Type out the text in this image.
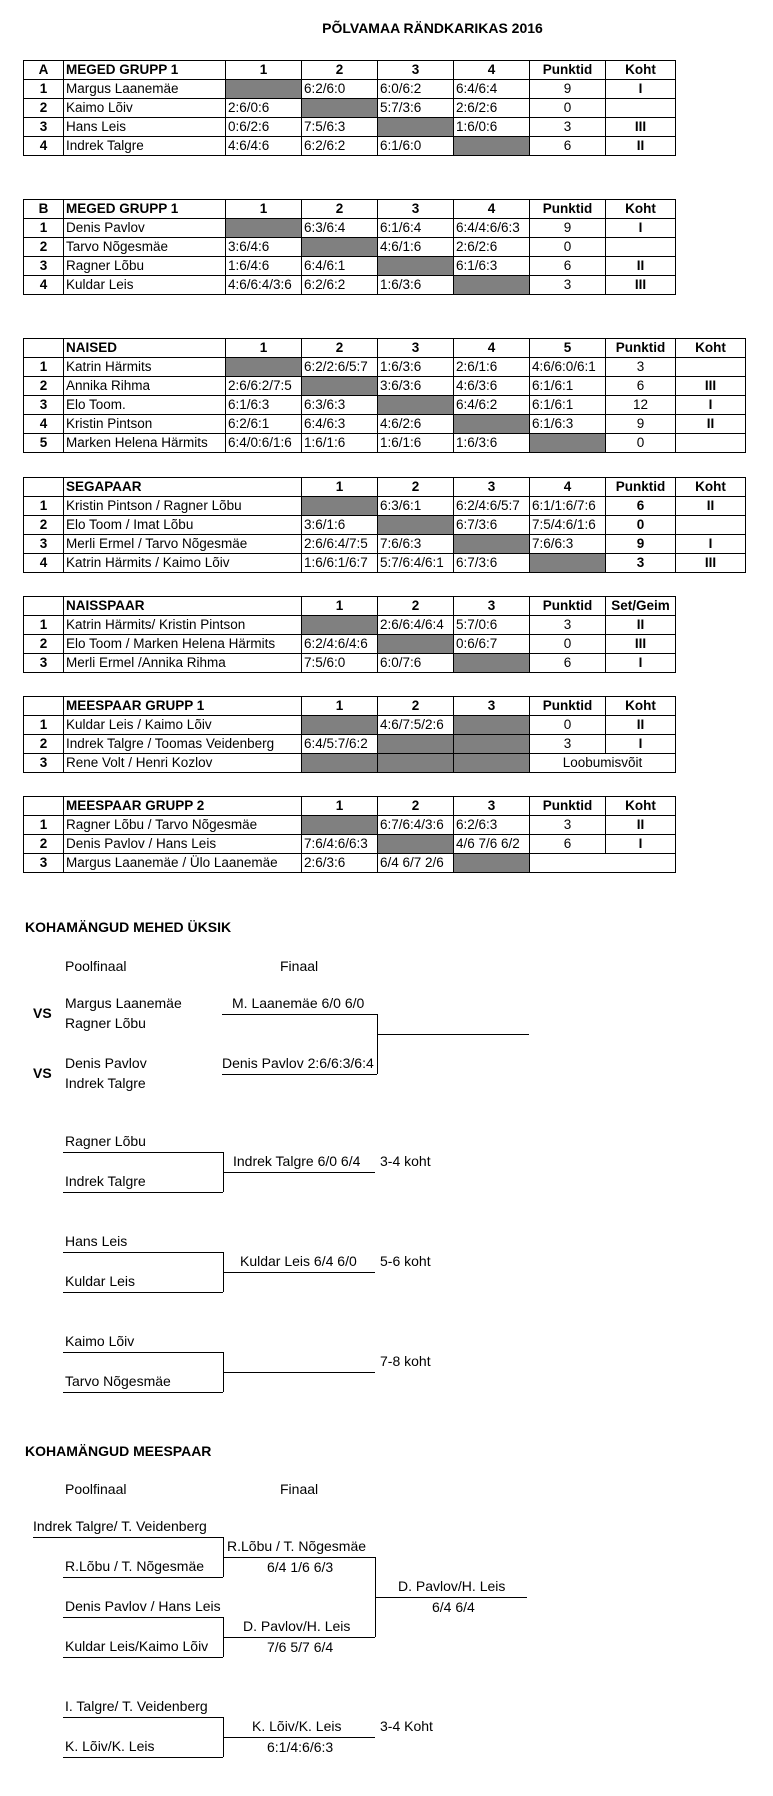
PÕLVAMAA RÄNDKARIKAS 2016
A	MEGED GRUPP 1	1	2	3	4	Punktid	Koht
1	Margus Laanemäe		6:2/6:0	6:0/6:2	6:4/6:4	9	I
2	Kaimo Lõiv	2:6/0:6		5:7/3:6	2:6/2:6	0	
3	Hans Leis	0:6/2:6	7:5/6:3		1:6/0:6	3	III
4	Indrek Talgre	4:6/4:6	6:2/6:2	6:1/6:0		6	II
B	MEGED GRUPP 1	1	2	3	4	Punktid	Koht
1	Denis Pavlov		6:3/6:4	6:1/6:4	6:4/4:6/6:3	9	I
2	Tarvo Nõgesmäe	3:6/4:6		4:6/1:6	2:6/2:6	0	
3	Ragner Lõbu	1:6/4:6	6:4/6:1		6:1/6:3	6	II
4	Kuldar Leis	4:6/6:4/3:6	6:2/6:2	1:6/3:6		3	III
	NAISED	1	2	3	4	5	Punktid	Koht
1	Katrin Härmits		6:2/2:6/5:7	1:6/3:6	2:6/1:6	4:6/6:0/6:1	3	
2	Annika Rihma	2:6/6:2/7:5		3:6/3:6	4:6/3:6	6:1/6:1	6	III
3	Elo Toom.	6:1/6:3	6:3/6:3		6:4/6:2	6:1/6:1	12	I
4	Kristin Pintson	6:2/6:1	6:4/6:3	4:6/2:6		6:1/6:3	9	II
5	Marken Helena Härmits	6:4/0:6/1:6	1:6/1:6	1:6/1:6	1:6/3:6		0	
	SEGAPAAR	1	2	3	4	Punktid	Koht
1	Kristin Pintson / Ragner Lõbu		6:3/6:1	6:2/4:6/5:7	6:1/1:6/7:6	6	II
2	Elo Toom / Imat Lõbu	3:6/1:6		6:7/3:6	7:5/4:6/1:6	0	
3	Merli Ermel / Tarvo Nõgesmäe	2:6/6:4/7:5	7:6/6:3		7:6/6:3	9	I
4	Katrin Härmits / Kaimo Lõiv	1:6/6:1/6:7	5:7/6:4/6:1	6:7/3:6		3	III
	NAISSPAAR	1	2	3	Punktid	Set/Geim
1	Katrin Härmits/ Kristin Pintson		2:6/6:4/6:4	5:7/0:6	3	II
2	Elo Toom / Marken Helena Härmits	6:2/4:6/4:6		0:6/6:7	0	III
3	Merli Ermel /Annika Rihma	7:5/6:0	6:0/7:6		6	I
	MEESPAAR GRUPP 1	1	2	3	Punktid	Koht
1	Kuldar Leis / Kaimo Lõiv		4:6/7:5/2:6		0	II
2	Indrek Talgre / Toomas Veidenberg	6:4/5:7/6:2			3	I
3	Rene Volt / Henri Kozlov				Loobumisvõit	
	MEESPAAR GRUPP 2	1	2	3	Punktid	Koht
1	Ragner Lõbu / Tarvo Nõgesmäe		6:7/6:4/3:6	6:2/6:3	3	II
2	Denis Pavlov / Hans Leis	7:6/4:6/6:3		4/6 7/6 6/2	6	I
3	Margus Laanemäe / Ülo Laanemäe	2:6/3:6	6/4 6/7 2/6			
KOHAMÄNGUD MEHED ÜKSIK
Poolfinaal	Finaal
VS
Margus Laanemäe
Ragner Lõbu
M. Laanemäe 6/0 6/0
VS
Denis Pavlov
Indrek Talgre
Denis Pavlov 2:6/6:3/6:4
Ragner Lõbu
Indrek Talgre
Indrek Talgre 6/0 6/4 3-4 koht
Hans Leis
Kuldar Leis
Kuldar Leis 6/4 6/0 5-6 koht
Kaimo Lõiv
Tarvo Nõgesmäe
7-8 koht
KOHAMÄNGUD MEESPAAR
Poolfinaal	Finaal
Indrek Talgre/ T. Veidenberg
R.Lõbu / T. Nõgesmäe
R.Lõbu / T. Nõgesmäe
6/4 1/6 6/3
Denis Pavlov / Hans Leis
Kuldar Leis/Kaimo Lõiv
D. Pavlov/H. Leis
7/6 5/7 6/4
D. Pavlov/H. Leis
6/4 6/4
I. Talgre/ T. Veidenberg
K. Lõiv/K. Leis
K. Lõiv/K. Leis
6:1/4:6/6:3
3-4 Koht
